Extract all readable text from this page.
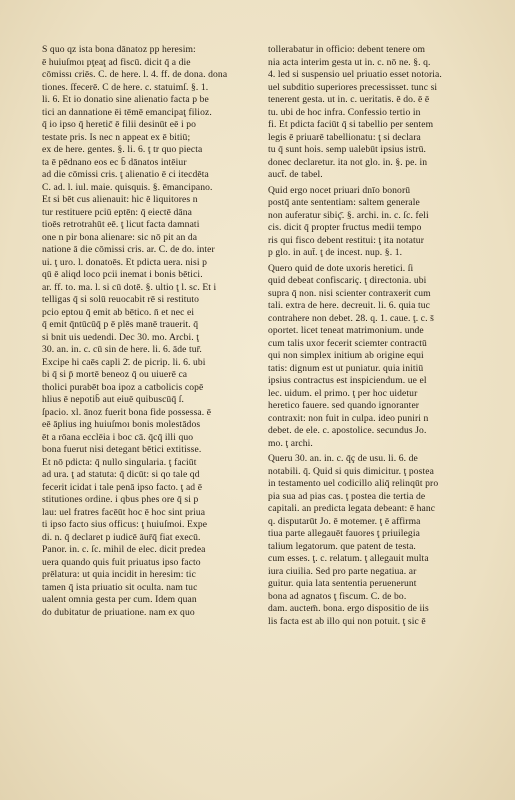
S quo qz ista bona dānatoz pp heresim:
ē huiuſmoı pţeaţ ad fiscū. dicit q̄ a die
cōmissı criēs. C. de here. l. 4. ff. de dona. dona
tiones. ſfecerē. C de here. c. statuimſ. §. 1.
li. 6. Et io donatio sine alienatio facta p be
tici an dannatione ēi tēmē emancipaţ filioz.
q̄ io ipso q̄ heretic̄ ē filii desinūt eē i po
testate pris. Is nec n appeat ex ē bitiū;
ex de here. gentes. §. li. 6. ţ tr quo piecta
ta ē pēdnano eos ec b̄ dānatos intēiur
ad die cōmissi cris. ţ alienatio ē ci itecdēta
C. ad. l. iul. maie. quisquis. §. ēmancipano.
Et si bēt cus alienauit: hic ē liquitores n
tur restituere pciū eptēn: q̄ eiectē dāna
tioēs retrotrahūt eē. ţ licut facta damnati
one n pir bona alienare: sic nō pit an da
natione ā die cōmissi cris. ar. C. de do. inter
ui. ţ uro. l. donatoēs. Et pdicta uera. nisi p
qū ē aliqd loco pcii inemat i bonis bētici.
ar. ff. to. ma. l. si cū dotē. §. ultio ţ l. sc. Et i
telligas q̄ si solū reuocabit rē si restituto
pcio eptou q̄ emit ab bētico. n̄ et nec ei
q̄ emit q̄ntūcūq̄ p ē plēs manē trauerit. q̄
si bnit uis uedendi. Dec 30. mo. Arcbi. ţ
30. an. in. c. cū sin de here. li. 6. āde tur̄.
Excipe hi caēs capli 2̄. de picrip. li. 6. ubi
bi q̄ si p̄ mortē beneoz q̄ ou uiuerē ca
tholici purabēt boa ipoz a catbolicis copē
hlius ē nepotib̄ aut eiuē quibuscūq̄ ſ.
ſpacio. xl. ānoz fuerit bona fide possessa. ē
eē āplius ing huiuſmoı bonis molestādos
ēt a rōana ecclēia i boc cā. q̄cq̄ illi quo
bona fuerut nisi detegant bētici extitisse.
Et nō pdicta: q̄ nullo singularia. ţ faciūt
ad ura. ţ ad statuta: q̄ dicūt: si qo tale qd
fecerit icidat i tale penā ipso facto. ţ ad ē
stitutiones ordine. i qbus phes ore q̄ si p
lau: uel fratres facēūt hoc ē hoc sint priua
ti ipso facto sius officus: ţ huiuſmoi. Expe
di. n. q̄ declaret p iudicē āur̄q̄ fiat execū.
Panor. in. c. ſc. mihil de elec. dicit predea
uera quando quis fuit priuatus ipso facto
prēlatura: ut quia incidit in heresim: tic
tamen q̄ ista priuatio sit oculta. nam tuc
ualent omnia gesta per cum. Idem quan
do dubitatur de priuatione. nam ex quo
tollerabatur in officio: debent tenere om
nia acta interim gesta ut in. c. nō ne. §. q.
4. led si suspensio uel priuatio esset notoria.
uel subditio superiores precessisset. tunc si
tenerent gesta. ut in. c. ueritatis. ē do. ē ē
tu. ubi de hoc infra. Confessio tertio in
fi. Et pdicta faciūt q̄ si tabellio per sentem
legis ē priuarē tabellionatu: ţ si declara
tu q̄ sunt hois. semp ualebūt ipsius istrū.
donec declaretur. ita not glo. in. §. pe. in
auct̄. de tabel.
Quid ergo nocet priuari dnīo bonorū
postq̄ ante sententiam: saltem generale
non auferatur sibiç̄. §. archi. in. c. ſc. feli
cis. dicit q̄ propter fructus medii tempo
ris qui fisco debent restitui: ţ ita notatur
p glo. in aut̄. ţ de incest. nup. §. 1.
Quero quid de dote uxoris heretici. ſi
quid debeat confiscariç. ţ directonia. ubi
supra q̄ non. nisi scienter contraxerit cum
tali. extra de here. decreuit. li. 6. quia tuc
contrahere non debet. 28. q. 1. caue. ţ. c. s̄
oportet. licet teneat matrimonium. unde
cum talis uxor fecerit sciemter contractū
qui non simplex initium ab origine equi
tatis: dignum est ut puniatur. quia initiū
ipsius contractus est inspiciendum. ue el
lec. uidum. el primo. ţ per hoc uidetur
heretico fauere. sed quando ignoranter
contraxit: non fuit in culpa. ideo puniri n
debet. de ele. c. apostolice. secundus Jo.
mo. ţ archi.
Queru 30. an. in. c. q̄ç de usu. li. 6. de
notabili. q̄. Quid si quis dimicitur. ţ postea
in testamento uel codicillo aliq̄ relinqūt pro
pia sua ad pias cas. ţ postea die tertia de
capitali. an predicta legata debeant: ē hanc
q. disputarūt Jo. ē motemer. ţ ē affirma
tiua parte allegauēt fauores ţ priuilegia
talium legatorum. que patent de testa.
cum esses. ţ. c. relatum. ţ allegauit multa
iura ciuilia. Sed pro parte negatiua. ar
guitur. quia lata sententia peruenerunt
bona ad agnatos ţ fiscum. C. de bo.
dam. auctem̄. bona. ergo dispositio de iis
lis facta est ab illo qui non potuit. ţ sic ē
